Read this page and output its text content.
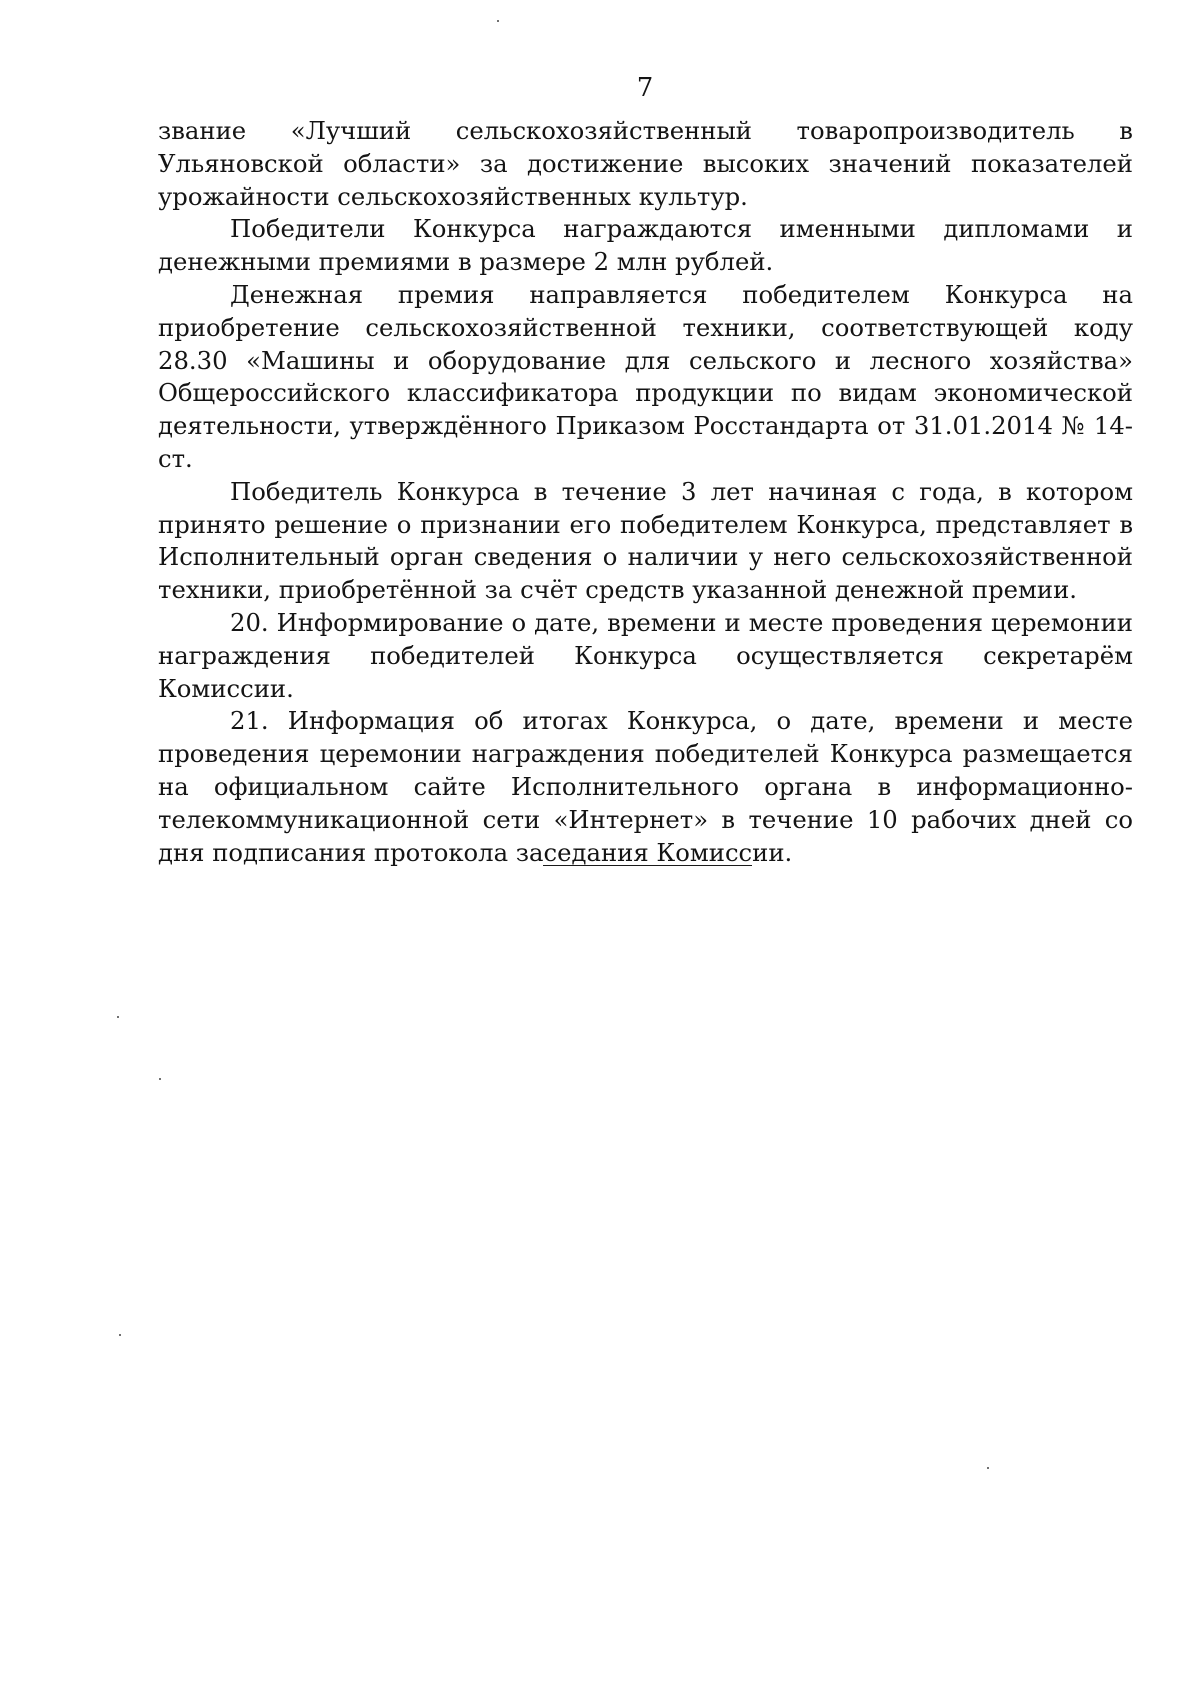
7

звание «Лучший сельскохозяйственный товаропроизводитель в Ульяновской области» за достижение высоких значений показателей урожайности сельскохозяйственных культур.

Победители Конкурса награждаются именными дипломами и денежными премиями в размере 2 млн рублей.

Денежная премия направляется победителем Конкурса на приобретение сельскохозяйственной техники, соответствующей коду 28.30 «Машины и оборудование для сельского и лесного хозяйства» Общероссийского классификатора продукции по видам экономической деятельности, утверждённого Приказом Росстандарта от 31.01.2014 № 14-ст.

Победитель Конкурса в течение 3 лет начиная с года, в котором принято решение о признании его победителем Конкурса, представляет в Исполнительный орган сведения о наличии у него сельскохозяйственной техники, приобретённой за счёт средств указанной денежной премии.

20. Информирование о дате, времени и месте проведения церемонии награждения победителей Конкурса осуществляется секретарём Комиссии.

21. Информация об итогах Конкурса, о дате, времени и месте проведения церемонии награждения победителей Конкурса размещается на официальном сайте Исполнительного органа в информационно-телекоммуникационной сети «Интернет» в течение 10 рабочих дней со дня подписания протокола заседания Комиссии.
